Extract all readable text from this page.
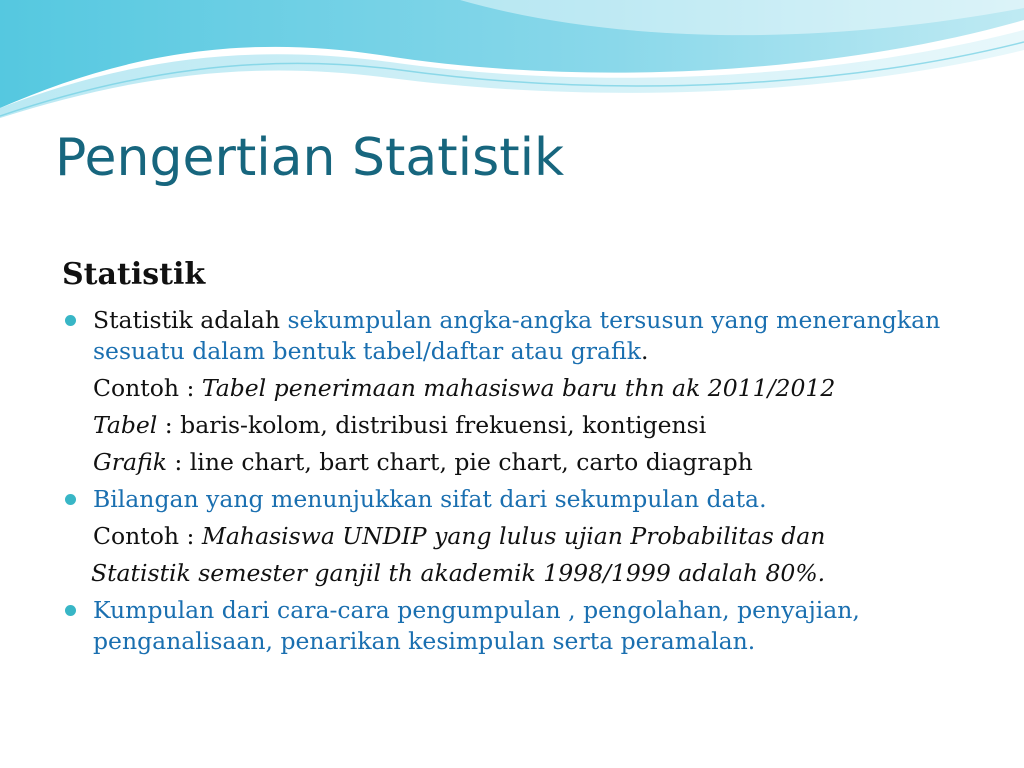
Pengertian Statistik
Statistik
Statistik adalah sekumpulan angka-angka tersusun yang menerangkan sesuatu dalam bentuk tabel/daftar atau grafik.
Contoh : Tabel penerimaan mahasiswa baru thn ak 2011/2012
Tabel : baris-kolom, distribusi frekuensi, kontigensi
Grafik : line chart, bart chart, pie chart, carto diagraph
Bilangan yang menunjukkan sifat dari sekumpulan data.
Contoh : Mahasiswa UNDIP yang lulus ujian Probabilitas dan
Statistik semester ganjil th akademik 1998/1999 adalah 80%.
Kumpulan dari cara-cara pengumpulan , pengolahan, penyajian, penganalisaan, penarikan kesimpulan serta peramalan.
